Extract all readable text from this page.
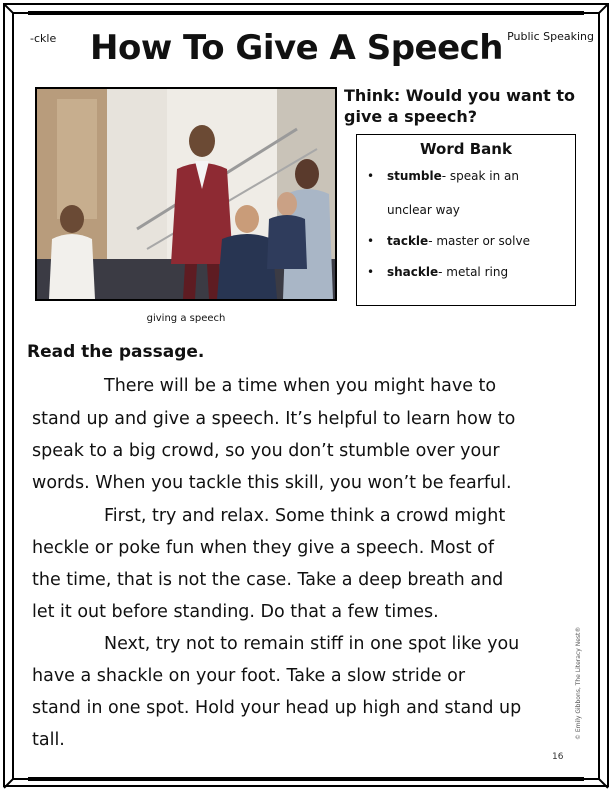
-ckle How To Give A Speech Public Speaking
giving a speech
Think: Would you want to give a speech?
Word Bank
• stumble- speak in an
unclear way
• tackle- master or solve
• shackle- metal ring
Read the passage.
There will be a time when you might have to
stand up and give a speech. It’s helpful to learn how to
speak to a big crowd, so you don’t stumble over your
words. When you tackle this skill, you won’t be fearful.
First, try and relax. Some think a crowd might
heckle or poke fun when they give a speech. Most of
the time, that is not the case. Take a deep breath and
let it out before standing. Do that a few times.
Next, try not to remain stiff in one spot like you
have a shackle on your foot. Take a slow stride or
stand in one spot. Hold your head up high and stand up
tall.	© Emily Gibbons, The Literacy Nest®
16
